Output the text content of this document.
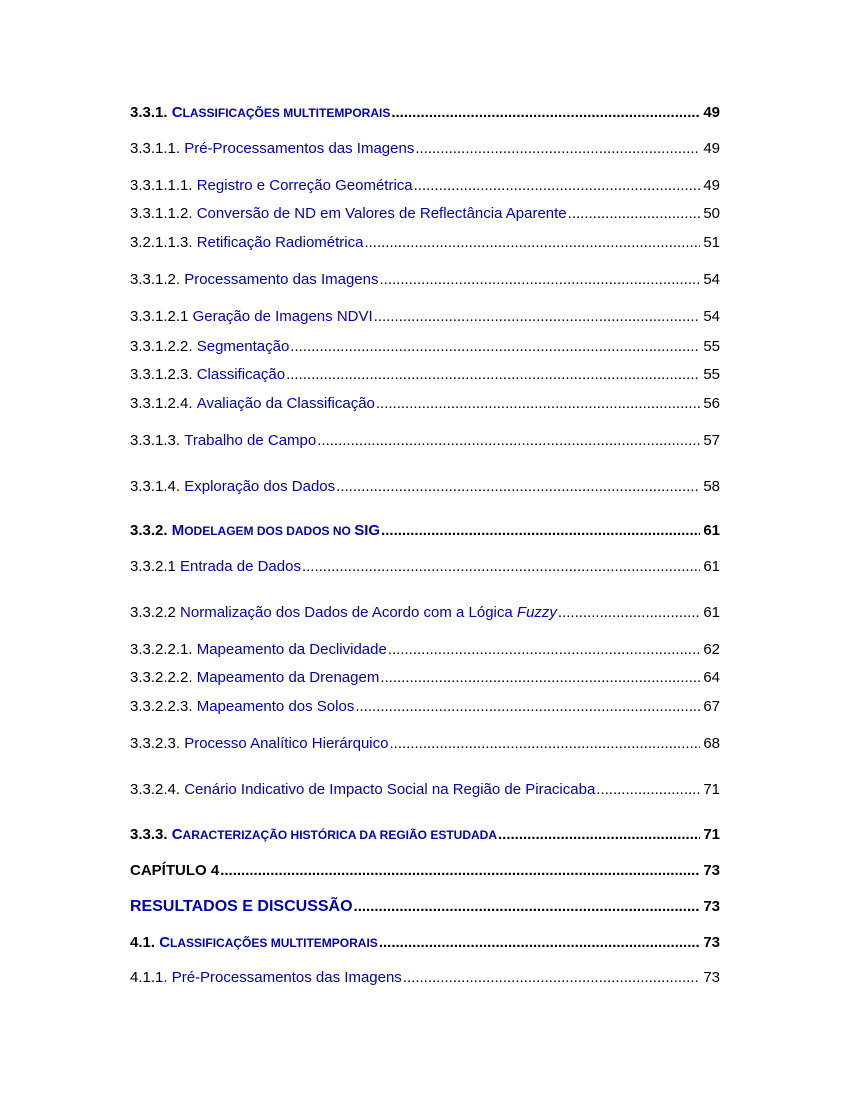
3.3.1. CLASSIFICAÇÕES MULTITEMPORAIS .....	49
3.3.1.1. Pré-Processamentos das Imagens .....	49
3.3.1.1.1. Registro e Correção Geométrica .....	49
3.3.1.1.2. Conversão de ND em Valores de Reflectância Aparente .....	50
3.2.1.1.3. Retificação Radiométrica .....	51
3.3.1.2. Processamento das Imagens .....	54
3.3.1.2.1 Geração de Imagens NDVI .....	54
3.3.1.2.2. Segmentação .....	55
3.3.1.2.3. Classificação .....	55
3.3.1.2.4. Avaliação da Classificação .....	56
3.3.1.3. Trabalho de Campo .....	57
3.3.1.4. Exploração dos Dados .....	58
3.3.2. MODELAGEM DOS DADOS NO SIG .....	61
3.3.2.1 Entrada de Dados .....	61
3.3.2.2 Normalização dos Dados de Acordo com a Lógica Fuzzy .....	61
3.3.2.2.1. Mapeamento da Declividade .....	62
3.3.2.2.2. Mapeamento da Drenagem .....	64
3.3.2.2.3. Mapeamento dos Solos .....	67
3.3.2.3. Processo Analítico Hierárquico .....	68
3.3.2.4. Cenário Indicativo de Impacto Social na Região de Piracicaba .....	71
3.3.3. CARACTERIZAÇÃO HISTÓRICA DA REGIÃO ESTUDADA .....	71
CAPÍTULO 4 .....	73
RESULTADOS E DISCUSSÃO .....	73
4.1. CLASSIFICAÇÕES MULTITEMPORAIS .....	73
4.1.1. Pré-Processamentos das Imagens .....	73
